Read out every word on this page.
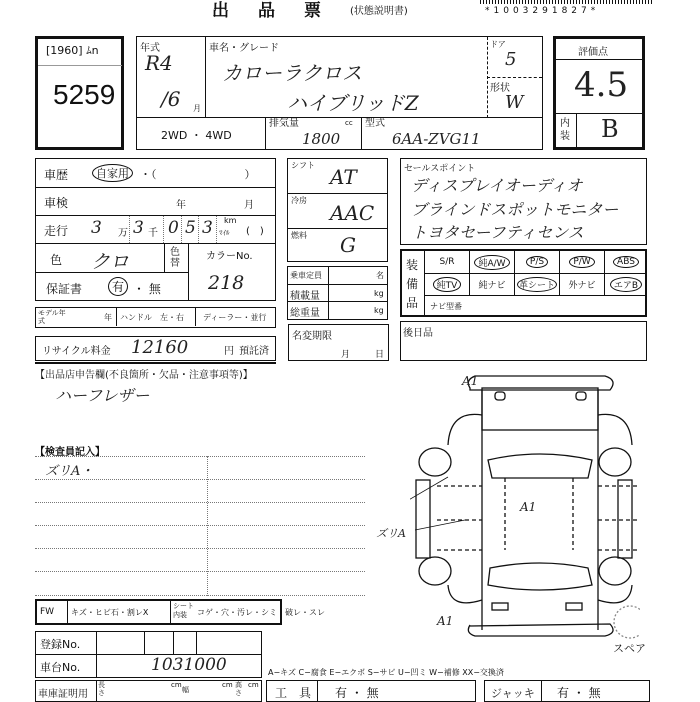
出　品　票 (状態説明書)	*1003291827*
[1960] ﾑn
5259
年式
R4
/6 月
車名・グレード
カローラクロス
ハイブリッドZ
ドア
5
形状
W
2WD ・ 4WD
排気量	cc
1800
型式
6AA-ZVG11
評価点
4.5
内装 B
車歴	自家用	・（　　　　　　　　）
車検	年	月
走行 3 万 3 千 0 5 3 km
ﾏｲﾙ (　)
色 クロ	色替
カラーNo.
218
保証書	有 ・ 無
モデル年式	年 ハンドル　左・右 ディーラー・並行
リサイクル料金 12160	円 預託済
シフト AT
冷房
AAC
燃料 G
乗車定員	名
積載量	kg
総重量	kg
名変期限
月	日
セールスポイント
ディスプレイオーディオ
ブラインドスポットモニター
トヨタセーフティセンス
装備品
S/R	純A/W	P/S	P/W	ABS
純TV	純ナビ 革シート 外ナビ	エアB
ナビ型番
後日品
【出品店申告欄(不良箇所・欠品・注意事項等)】
ハーフレザー
【検査員記入】
ズリA・
A1
A1
A1
ズリA
スペア
FW キズ・ヒビ石・割レX
シート内装	コゲ・穴・汚レ・シミ・破レ・スレ
登録No.
車台No.	1031000
車庫証明用
長さ
cm
幅
cm 高さ
cm
A−キズ C−腐食 E−エクボ S−サビ U−凹ミ W−補修 XX−交換済
工　具 有 ・ 無	ジャッキ 有 ・ 無
